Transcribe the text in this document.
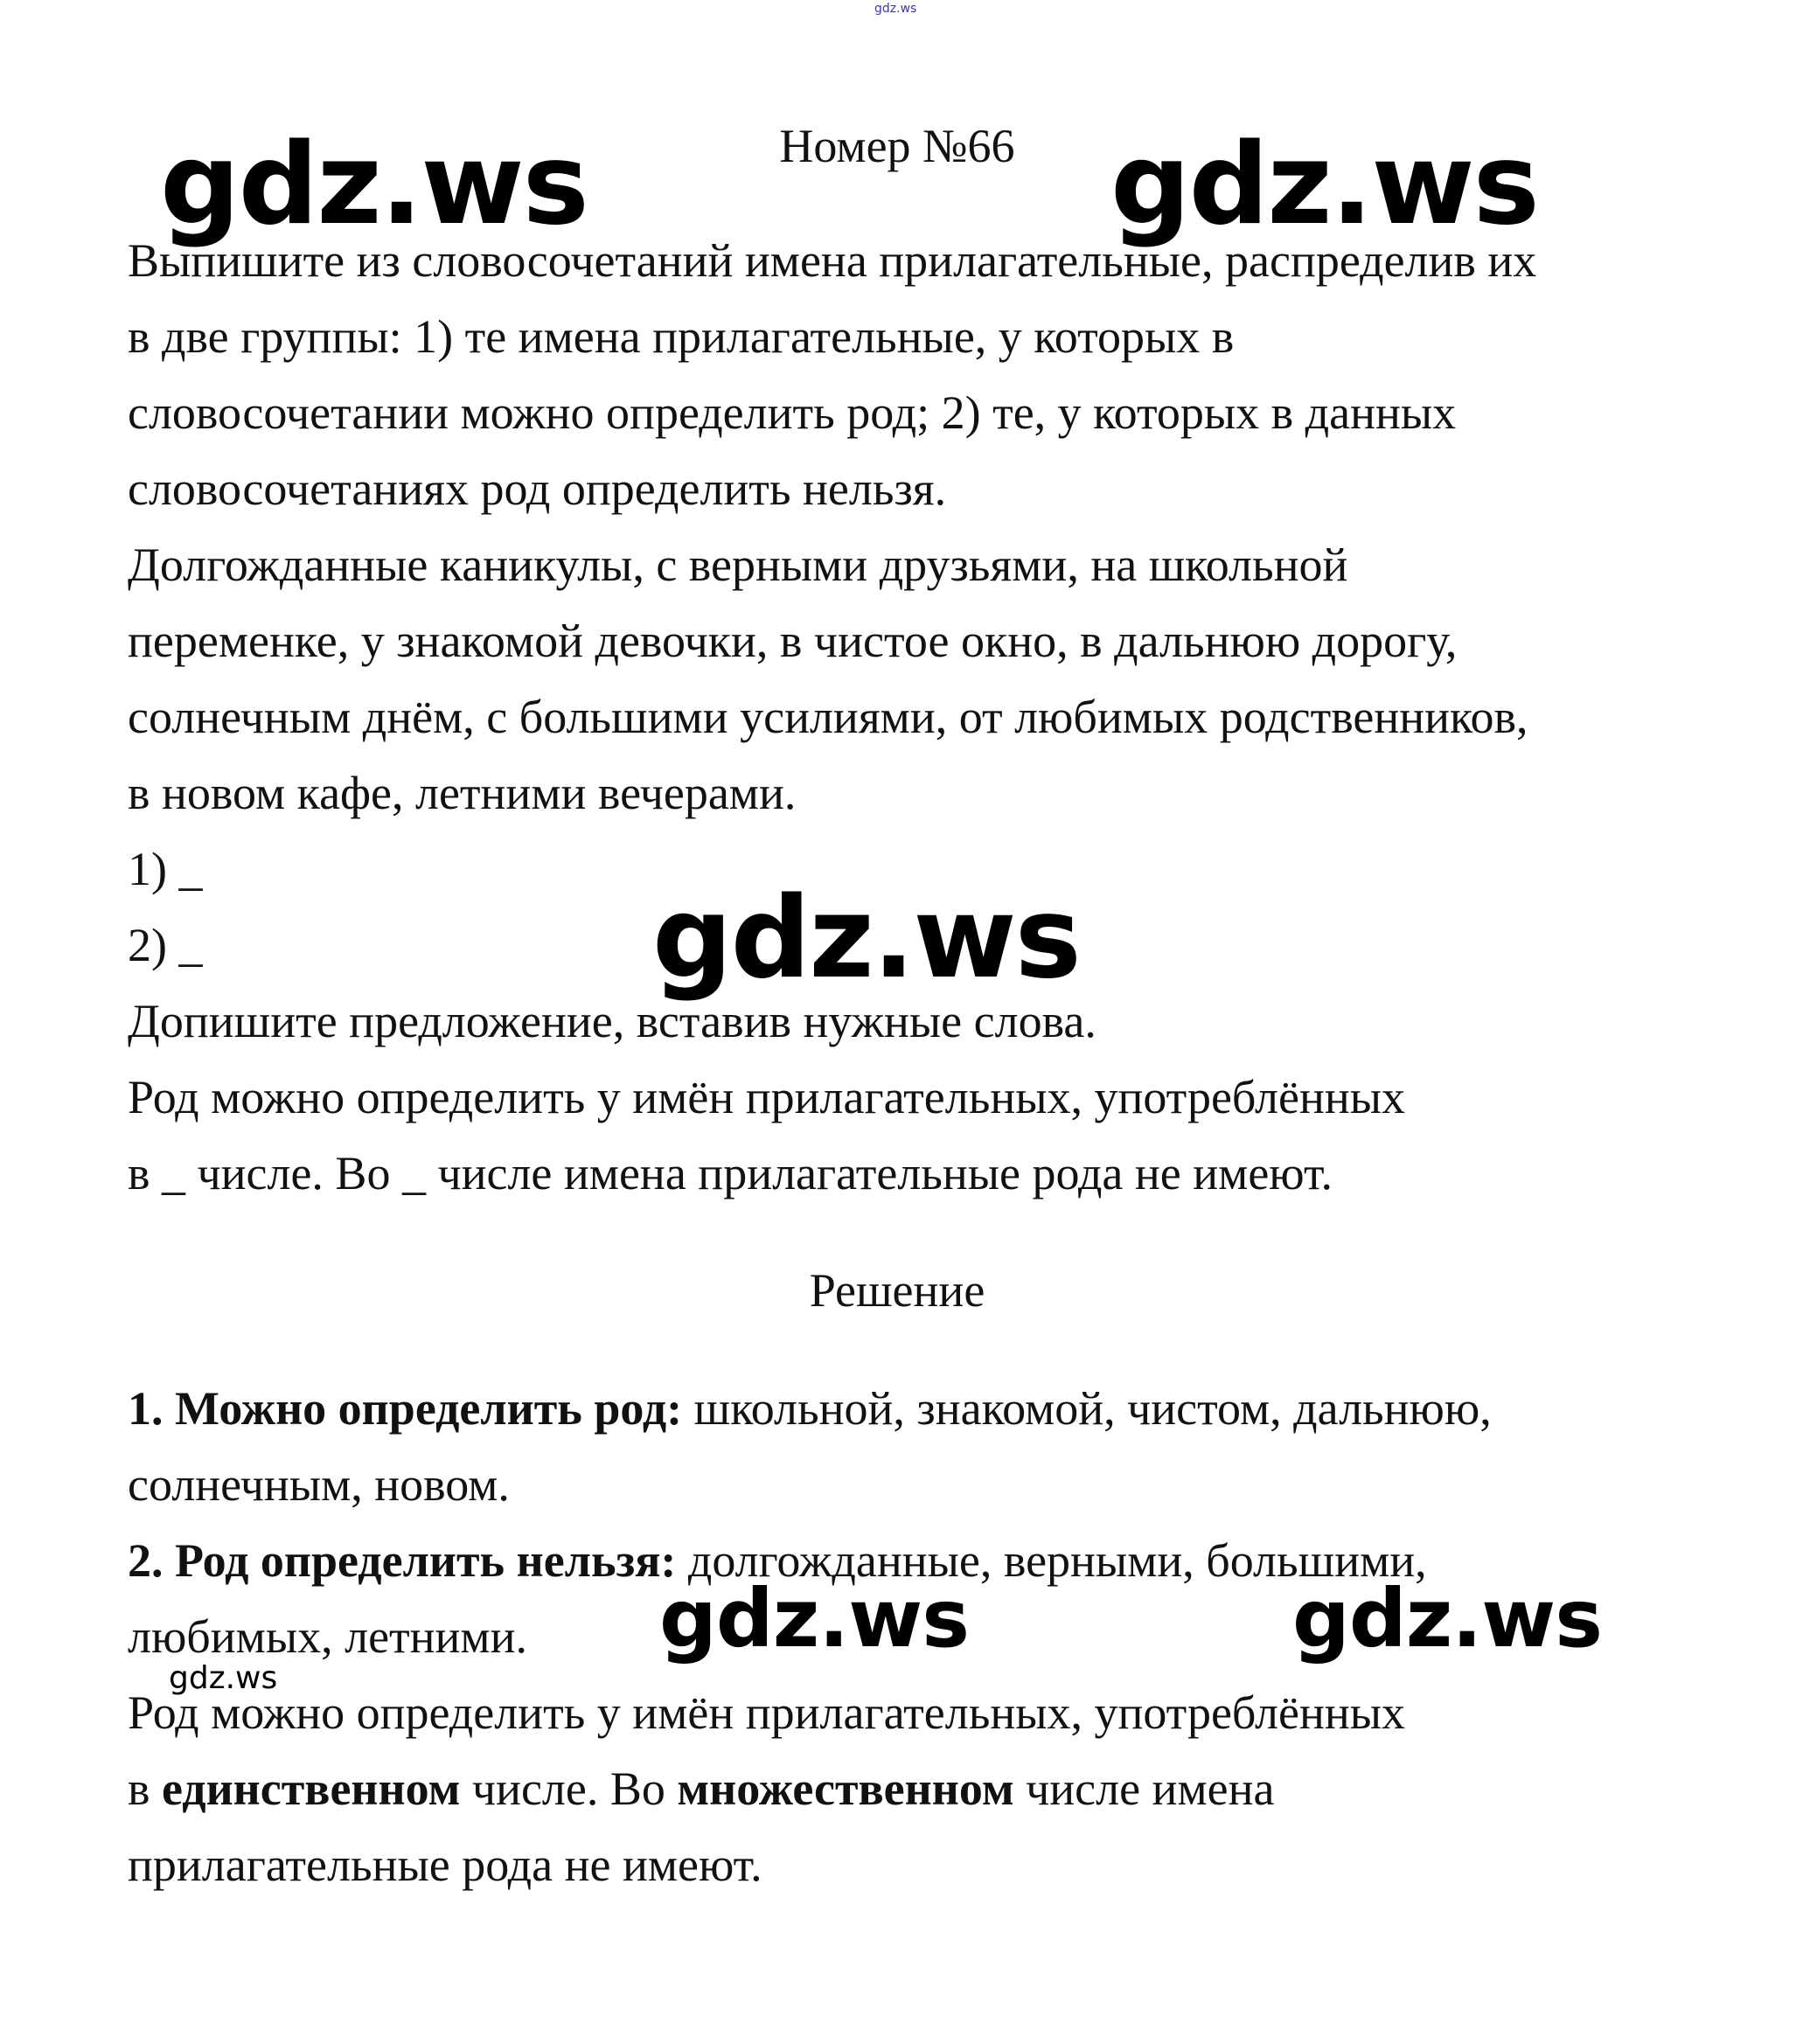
gdz.ws
Номер №66
Выпишите из словосочетаний имена прилагательные, распределив их
в две группы: 1) те имена прилагательные, у которых в
словосочетании можно определить род; 2) те, у которых в данных
словосочетаниях род определить нельзя.
Долгожданные каникулы, с верными друзьями, на школьной
переменке, у знакомой девочки, в чистое окно, в дальнюю дорогу,
солнечным днём, с большими усилиями, от любимых родственников,
в новом кафе, летними вечерами.
1) _
2) _
Допишите предложение, вставив нужные слова.
Род можно определить у имён прилагательных, употреблённых
в _ числе. Во _ числе имена прилагательные рода не имеют.
Решение
1. Можно определить род: школьной, знакомой, чистом, дальнюю,
солнечным, новом.
2. Род определить нельзя: долгожданные, верными, большими,
любимых, летними.
Род можно определить у имён прилагательных, употреблённых
в единственном числе. Во множественном числе имена
прилагательные рода не имеют.
gdz.ws	gdz.ws
gdz.ws
gdz.ws	gdz.ws
gdz.ws
